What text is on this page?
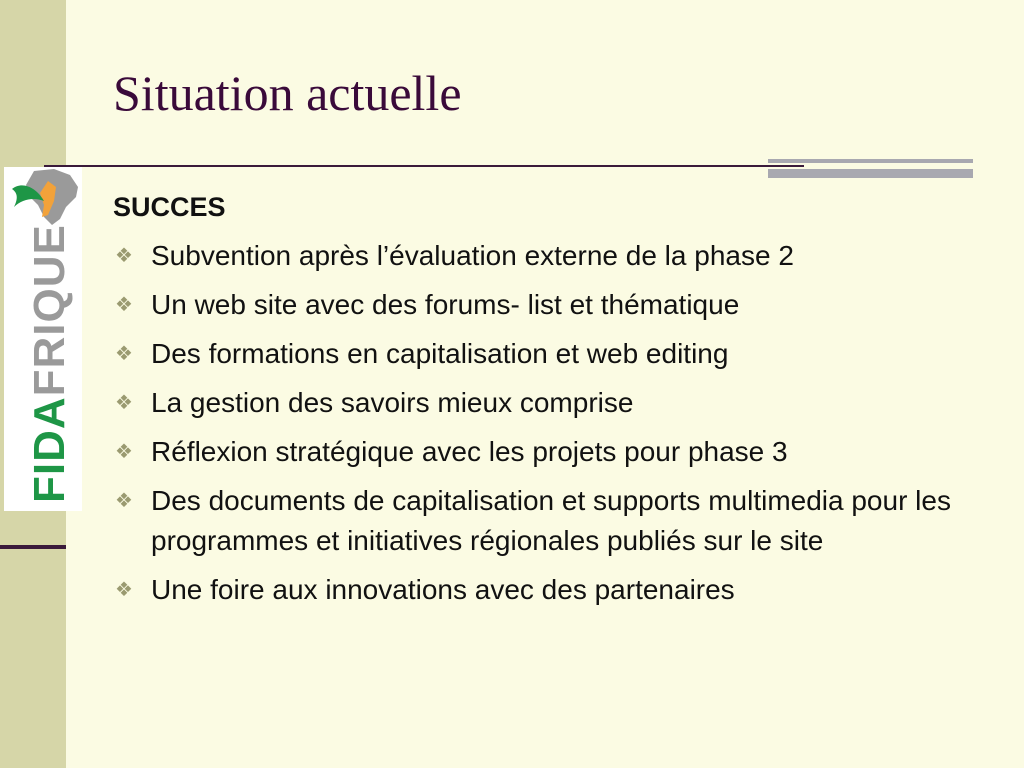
Situation actuelle
FIDAFRIQUE
SUCCES
❖ Subvention après l’évaluation externe de la phase 2
❖ Un web site avec des forums- list et thématique
❖ Des formations en capitalisation et web editing
❖ La gestion des savoirs mieux comprise
❖ Réflexion stratégique avec les projets pour phase 3
❖ Des documents de capitalisation et supports multimedia pour les programmes et initiatives régionales publiés sur le site
❖ Une foire aux innovations avec des partenaires
